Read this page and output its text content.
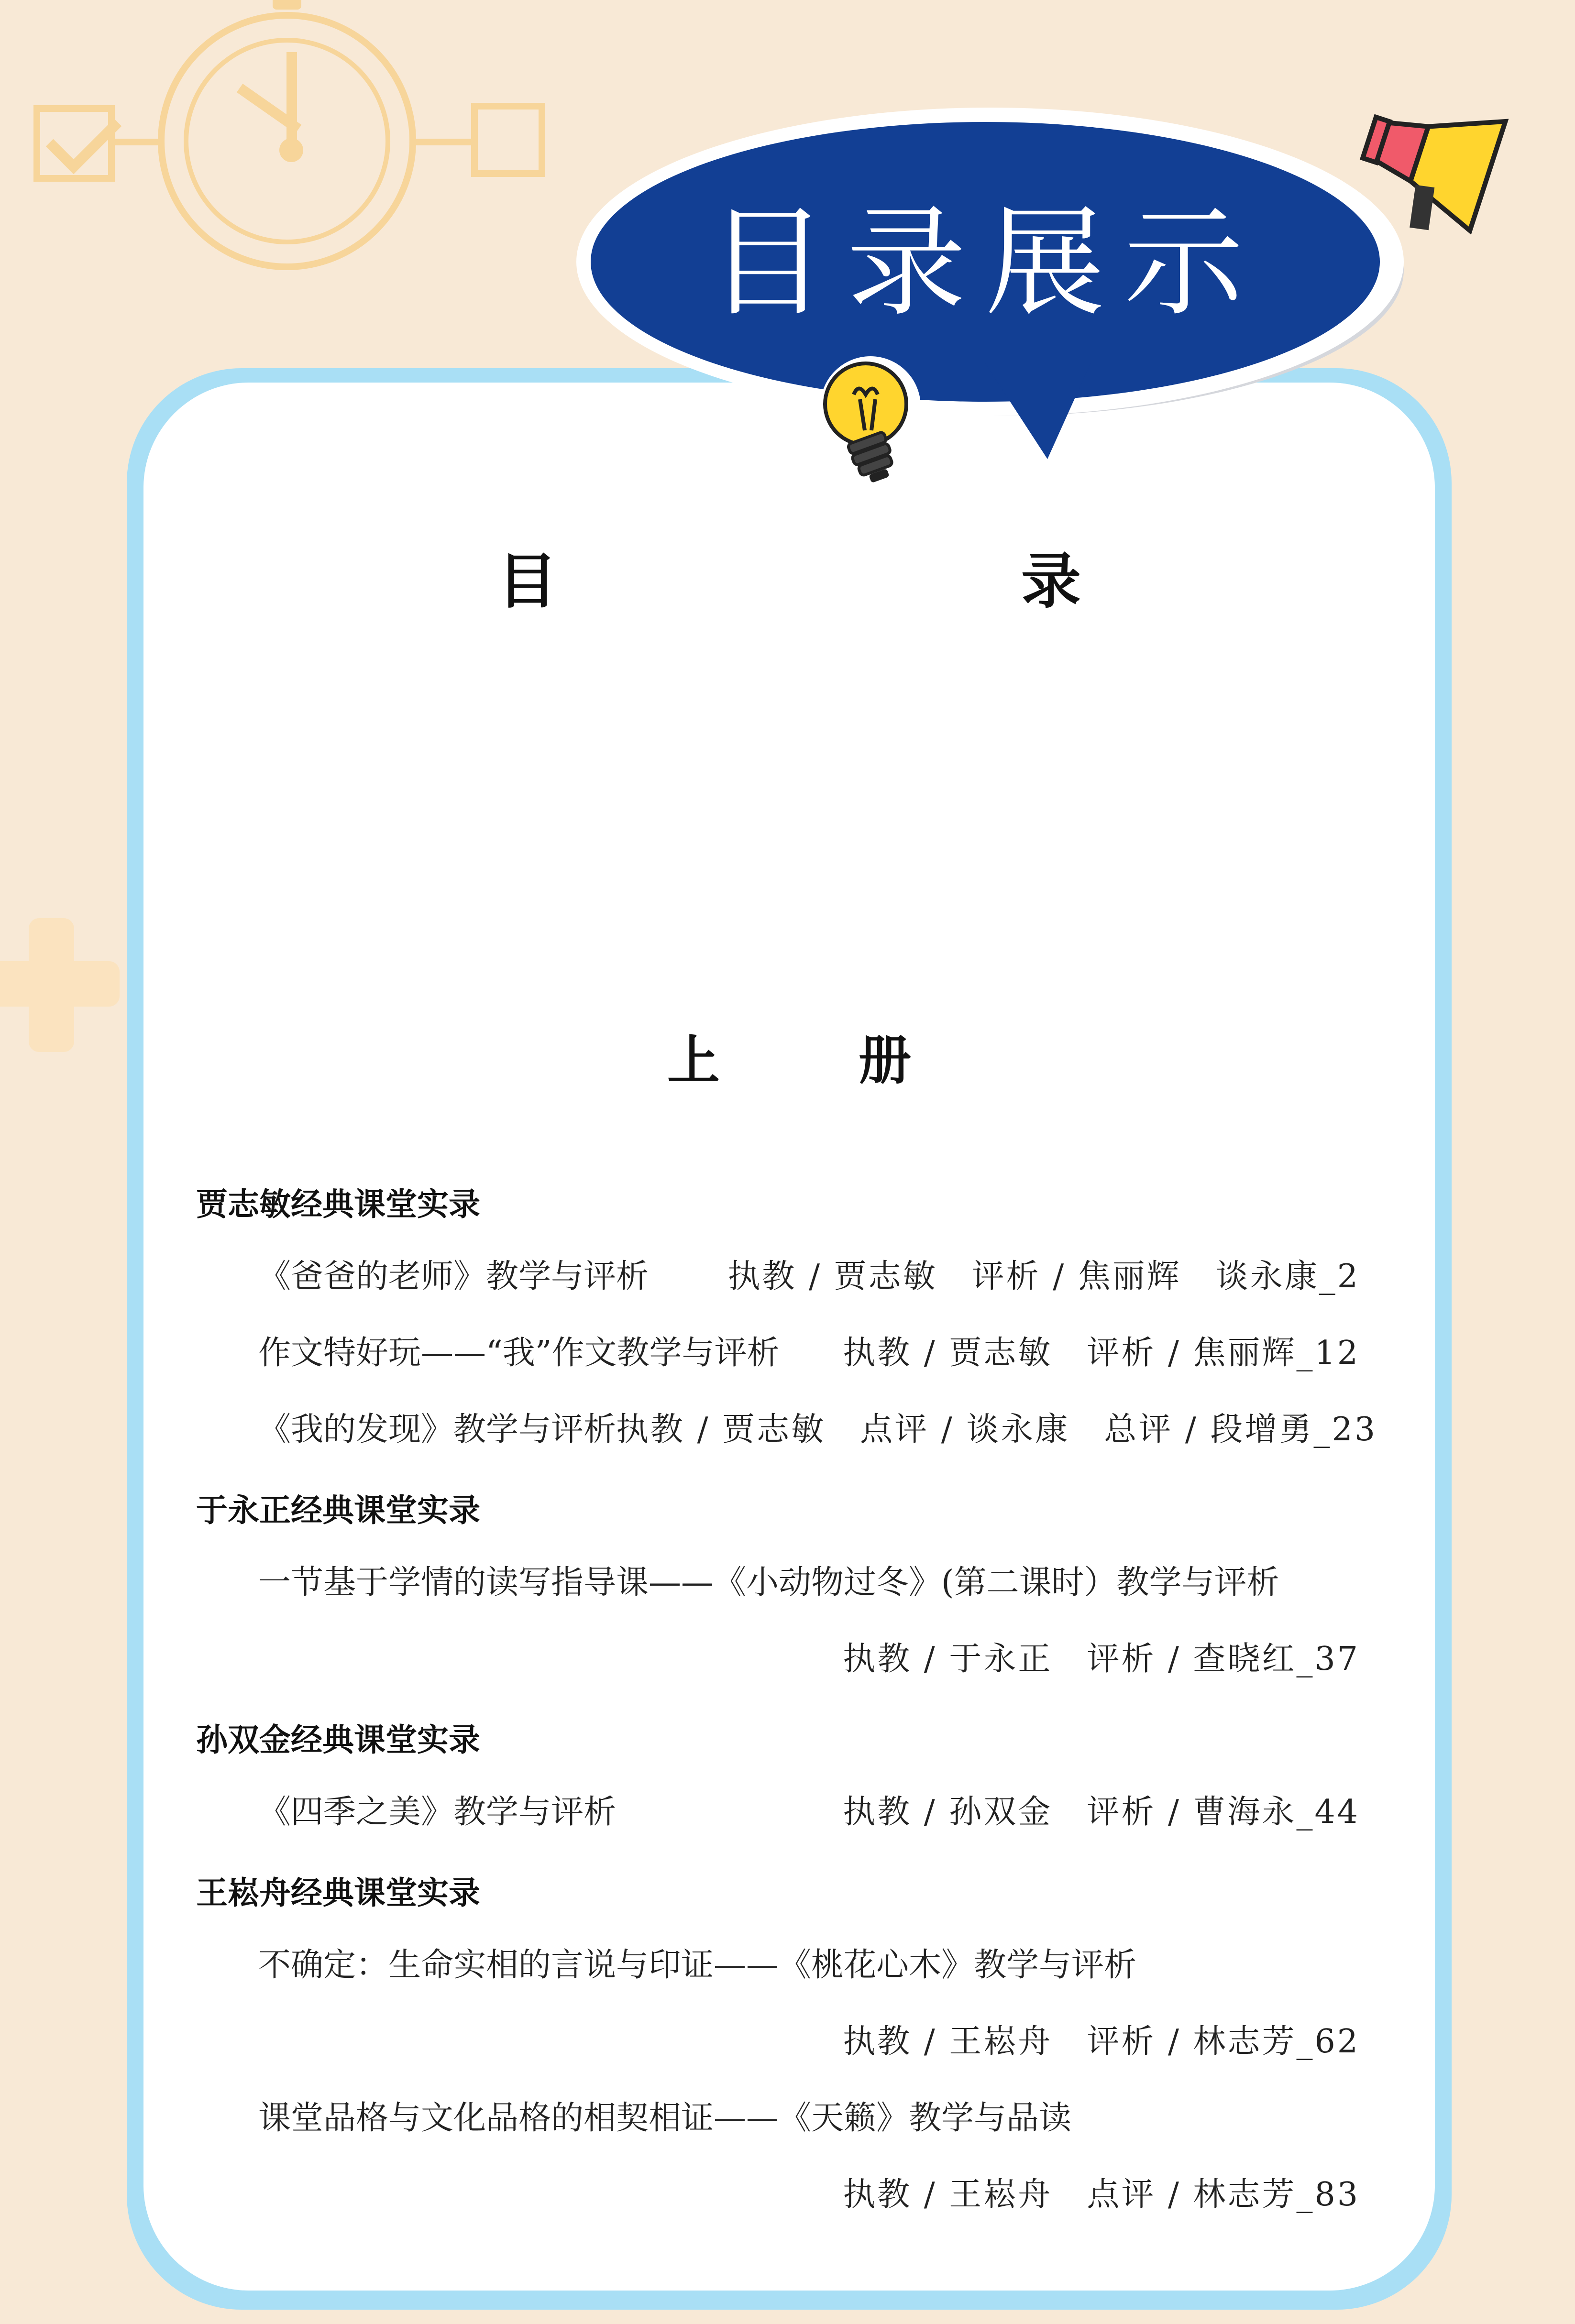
目录展示
目　　录
上　册
贾志敏经典课堂实录
《爸爸的老师》教学与评析 执教 / 贾志敏　评析 / 焦丽辉　谈永康_2
作文特好玩——“我”作文教学与评析 执教 / 贾志敏　评析 / 焦丽辉_12
《我的发现》教学与评析 执教 / 贾志敏　点评 / 谈永康　总评 / 段增勇_23
于永正经典课堂实录
一节基于学情的读写指导课——《小动物过冬》(第二课时）教学与评析
执教 / 于永正　评析 / 查晓红_37
孙双金经典课堂实录
《四季之美》教学与评析	执教 / 孙双金　评析 / 曹海永_44
王崧舟经典课堂实录
不确定：生命实相的言说与印证——《桃花心木》教学与评析
执教 / 王崧舟　评析 / 林志芳_62
课堂品格与文化品格的相契相证——《天籁》教学与品读
执教 / 王崧舟　点评 / 林志芳_83
